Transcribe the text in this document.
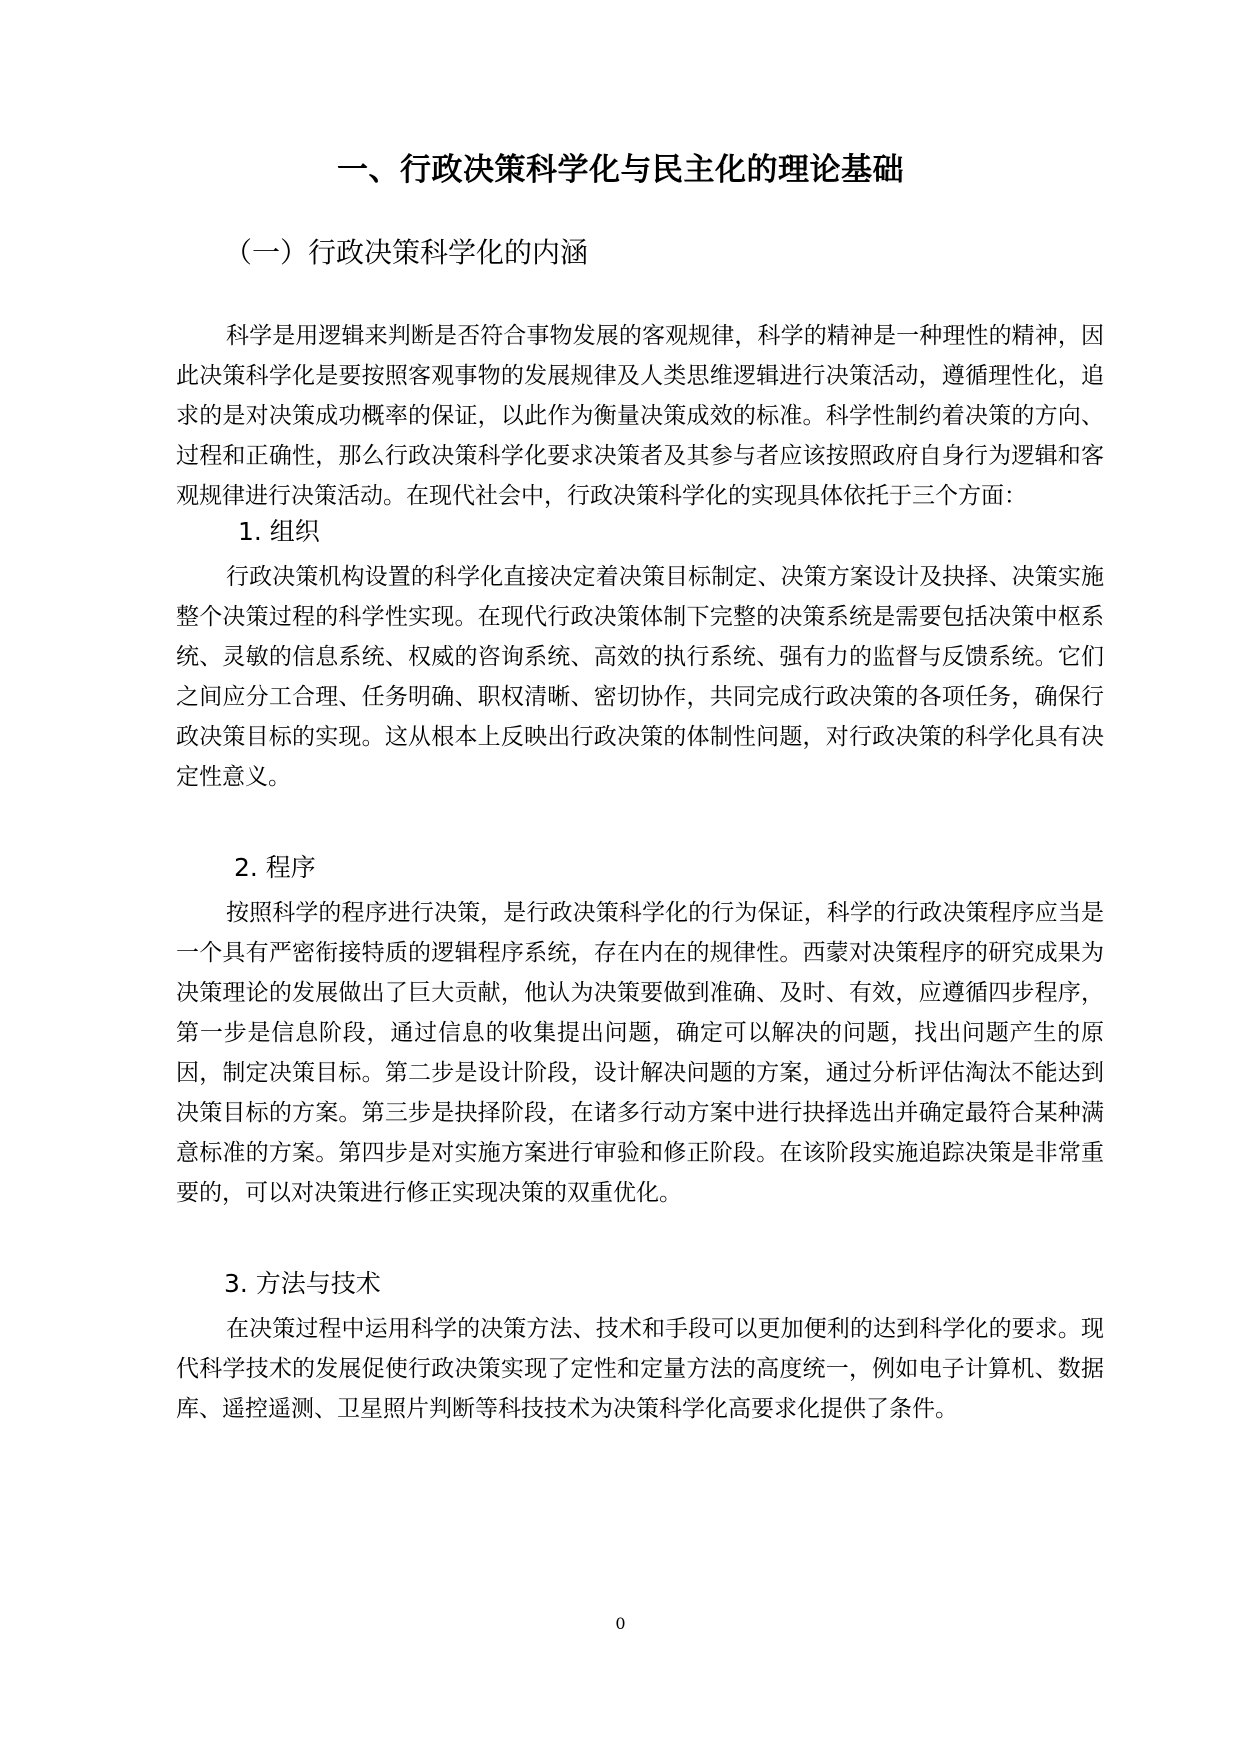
一、行政决策科学化与民主化的理论基础
（一）行政决策科学化的内涵

科学是用逻辑来判断是否符合事物发展的客观规律，科学的精神是一种理性的精神，因此决策科学化是要按照客观事物的发展规律及人类思维逻辑进行决策活动，遵循理性化，追求的是对决策成功概率的保证，以此作为衡量决策成效的标准。科学性制约着决策的方向、过程和正确性，那么行政决策科学化要求决策者及其参与者应该按照政府自身行为逻辑和客观规律进行决策活动。在现代社会中，行政决策科学化的实现具体依托于三个方面：

1. 组织

行政决策机构设置的科学化直接决定着决策目标制定、决策方案设计及抉择、决策实施整个决策过程的科学性实现。在现代行政决策体制下完整的决策系统是需要包括决策中枢系统、灵敏的信息系统、权威的咨询系统、高效的执行系统、强有力的监督与反馈系统。它们之间应分工合理、任务明确、职权清晰、密切协作，共同完成行政决策的各项任务，确保行政决策目标的实现。这从根本上反映出行政决策的体制性问题，对行政决策的科学化具有决定性意义。

2. 程序

按照科学的程序进行决策，是行政决策科学化的行为保证，科学的行政决策程序应当是一个具有严密衔接特质的逻辑程序系统，存在内在的规律性。西蒙对决策程序的研究成果为决策理论的发展做出了巨大贡献，他认为决策要做到准确、及时、有效，应遵循四步程序，第一步是信息阶段，通过信息的收集提出问题，确定可以解决的问题，找出问题产生的原因，制定决策目标。第二步是设计阶段，设计解决问题的方案，通过分析评估淘汰不能达到决策目标的方案。第三步是抉择阶段，在诸多行动方案中进行抉择选出并确定最符合某种满意标准的方案。第四步是对实施方案进行审验和修正阶段。在该阶段实施追踪决策是非常重要的，可以对决策进行修正实现决策的双重优化。

3. 方法与技术

在决策过程中运用科学的决策方法、技术和手段可以更加便利的达到科学化的要求。现代科学技术的发展促使行政决策实现了定性和定量方法的高度统一，例如电子计算机、数据库、遥控遥测、卫星照片判断等科技技术为决策科学化高要求化提供了条件。

0
